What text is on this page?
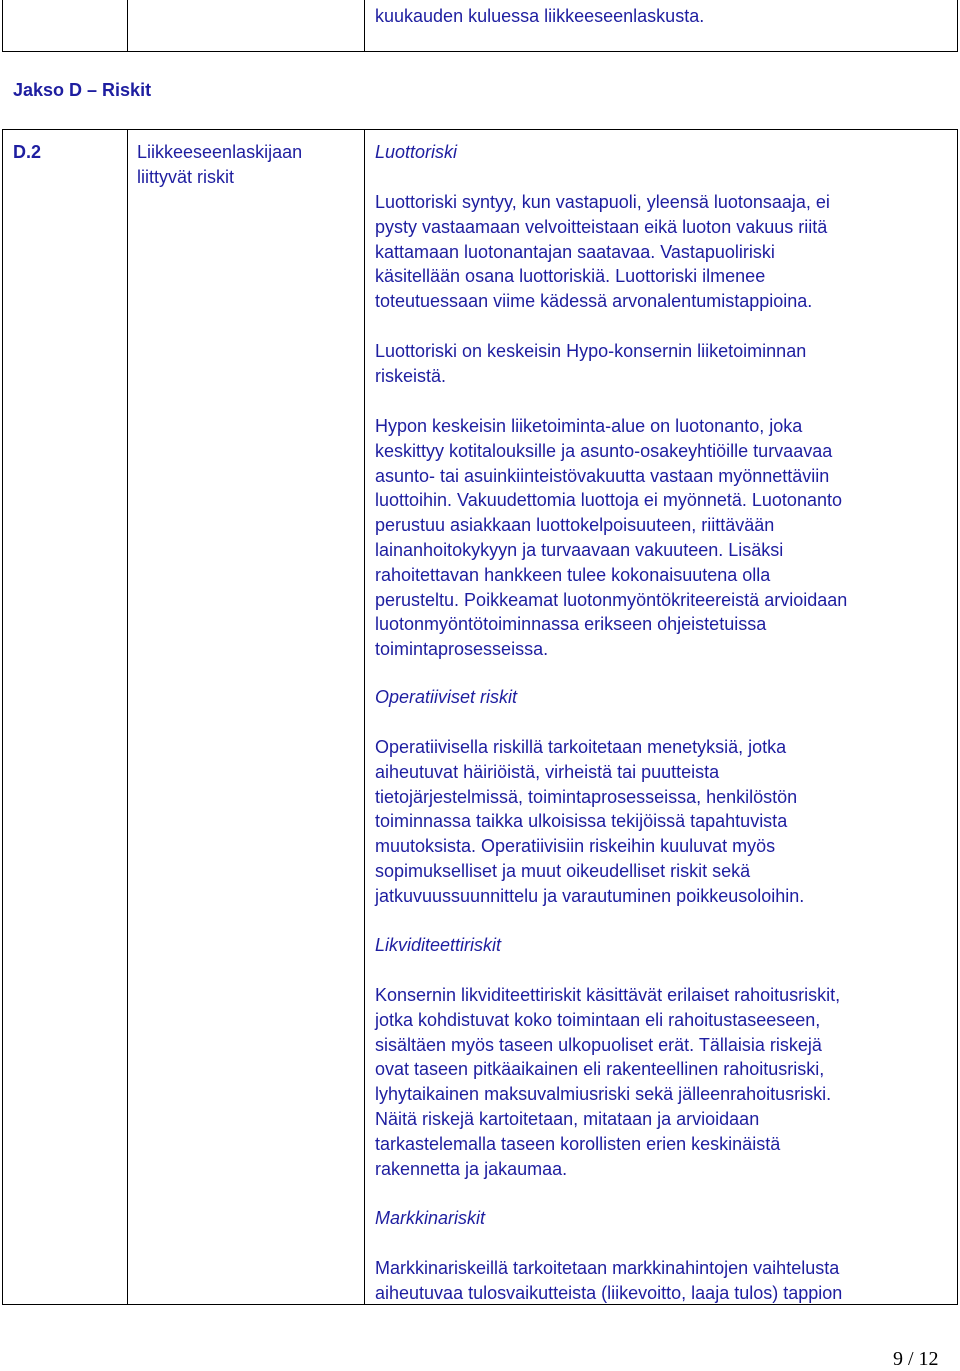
kuukauden kuluessa liikkeeseenlaskusta.
Jakso D – Riskit
D.2	Liikkeeseenlaskijaan
liittyvät riskit
Luottoriski
Luottoriski syntyy, kun vastapuoli, yleensä luotonsaaja, ei
pysty vastaamaan velvoitteistaan eikä luoton vakuus riitä
kattamaan luotonantajan saatavaa. Vastapuoliriski
käsitellään osana luottoriskiä. Luottoriski ilmenee
toteutuessaan viime kädessä arvonalentumistappioina.
Luottoriski on keskeisin Hypo-konsernin liiketoiminnan
riskeistä.
Hypon keskeisin liiketoiminta-alue on luotonanto, joka
keskittyy kotitalouksille ja asunto-osakeyhtiöille turvaavaa
asunto- tai asuinkiinteistövakuutta vastaan myönnettäviin
luottoihin. Vakuudettomia luottoja ei myönnetä. Luotonanto
perustuu asiakkaan luottokelpoisuuteen, riittävään
lainanhoitokykyyn ja turvaavaan vakuuteen. Lisäksi
rahoitettavan hankkeen tulee kokonaisuutena olla
perusteltu. Poikkeamat luotonmyöntökriteereistä arvioidaan
luotonmyöntötoiminnassa erikseen ohjeistetuissa
toimintaprosesseissa.
Operatiiviset riskit
Operatiivisella riskillä tarkoitetaan menetyksiä, jotka
aiheutuvat häiriöistä, virheistä tai puutteista
tietojärjestelmissä, toimintaprosesseissa, henkilöstön
toiminnassa taikka ulkoisissa tekijöissä tapahtuvista
muutoksista. Operatiivisiin riskeihin kuuluvat myös
sopimukselliset ja muut oikeudelliset riskit sekä
jatkuvuussuunnittelu ja varautuminen poikkeusoloihin.
Likviditeettiriskit
Konsernin likviditeettiriskit käsittävät erilaiset rahoitusriskit,
jotka kohdistuvat koko toimintaan eli rahoitustaseeseen,
sisältäen myös taseen ulkopuoliset erät. Tällaisia riskejä
ovat taseen pitkäaikainen eli rakenteellinen rahoitusriski,
lyhytaikainen maksuvalmiusriski sekä jälleenrahoitusriski.
Näitä riskejä kartoitetaan, mitataan ja arvioidaan
tarkastelemalla taseen korollisten erien keskinäistä
rakennetta ja jakaumaa.
Markkinariskit
Markkinariskeillä tarkoitetaan markkinahintojen vaihtelusta
aiheutuvaa tulosvaikutteista (liikevoitto, laaja tulos) tappion
9 / 12
